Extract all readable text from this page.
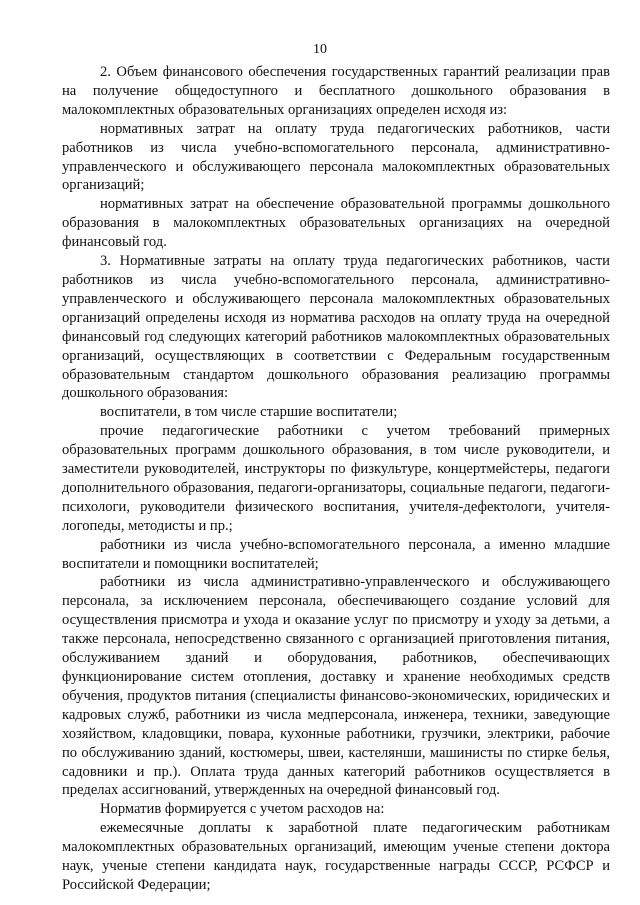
10

2. Объем финансового обеспечения государственных гарантий реализации прав на получение общедоступного и бесплатного дошкольного образования в малокомплектных образовательных организациях определен исходя из:

нормативных затрат на оплату труда педагогических работников, части работников из числа учебно-вспомогательного персонала, административно-управленческого и обслуживающего персонала малокомплектных образовательных организаций;

нормативных затрат на обеспечение образовательной программы дошкольного образования в малокомплектных образовательных организациях на очередной финансовый год.

3. Нормативные затраты на оплату труда педагогических работников, части работников из числа учебно-вспомогательного персонала, административно-управленческого и обслуживающего персонала малокомплектных образовательных организаций определены исходя из норматива расходов на оплату труда на очередной финансовый год следующих категорий работников малокомплектных образовательных организаций, осуществляющих в соответствии с Федеральным государственным образовательным стандартом дошкольного образования реализацию программы дошкольного образования:

воспитатели, в том числе старшие воспитатели;

прочие педагогические работники с учетом требований примерных образовательных программ дошкольного образования, в том числе руководители, и заместители руководителей, инструкторы по физкультуре, концертмейстеры, педагоги дополнительного образования, педагоги-организаторы, социальные педагоги, педагоги-психологи, руководители физического воспитания, учителя-дефектологи, учителя-логопеды, методисты и пр.;

работники из числа учебно-вспомогательного персонала, а именно младшие воспитатели и помощники воспитателей;

работники из числа административно-управленческого и обслуживающего персонала, за исключением персонала, обеспечивающего создание условий для осуществления присмотра и ухода и оказание услуг по присмотру и уходу за детьми, а также персонала, непосредственно связанного с организацией приготовления питания, обслуживанием зданий и оборудования, работников, обеспечивающих функционирование систем отопления, доставку и хранение необходимых средств обучения, продуктов питания (специалисты финансово-экономических, юридических и кадровых служб, работники из числа медперсонала, инженера, техники, заведующие хозяйством, кладовщики, повара, кухонные работники, грузчики, электрики, рабочие по обслуживанию зданий, костюмеры, швеи, кастелянши, машинисты по стирке белья, садовники и пр.). Оплата труда данных категорий работников осуществляется в пределах ассигнований, утвержденных на очередной финансовый год.

Норматив формируется с учетом расходов на:

ежемесячные доплаты к заработной плате педагогическим работникам малокомплектных образовательных организаций, имеющим ученые степени доктора наук, ученые степени кандидата наук, государственные награды СССР, РСФСР и Российской Федерации;
